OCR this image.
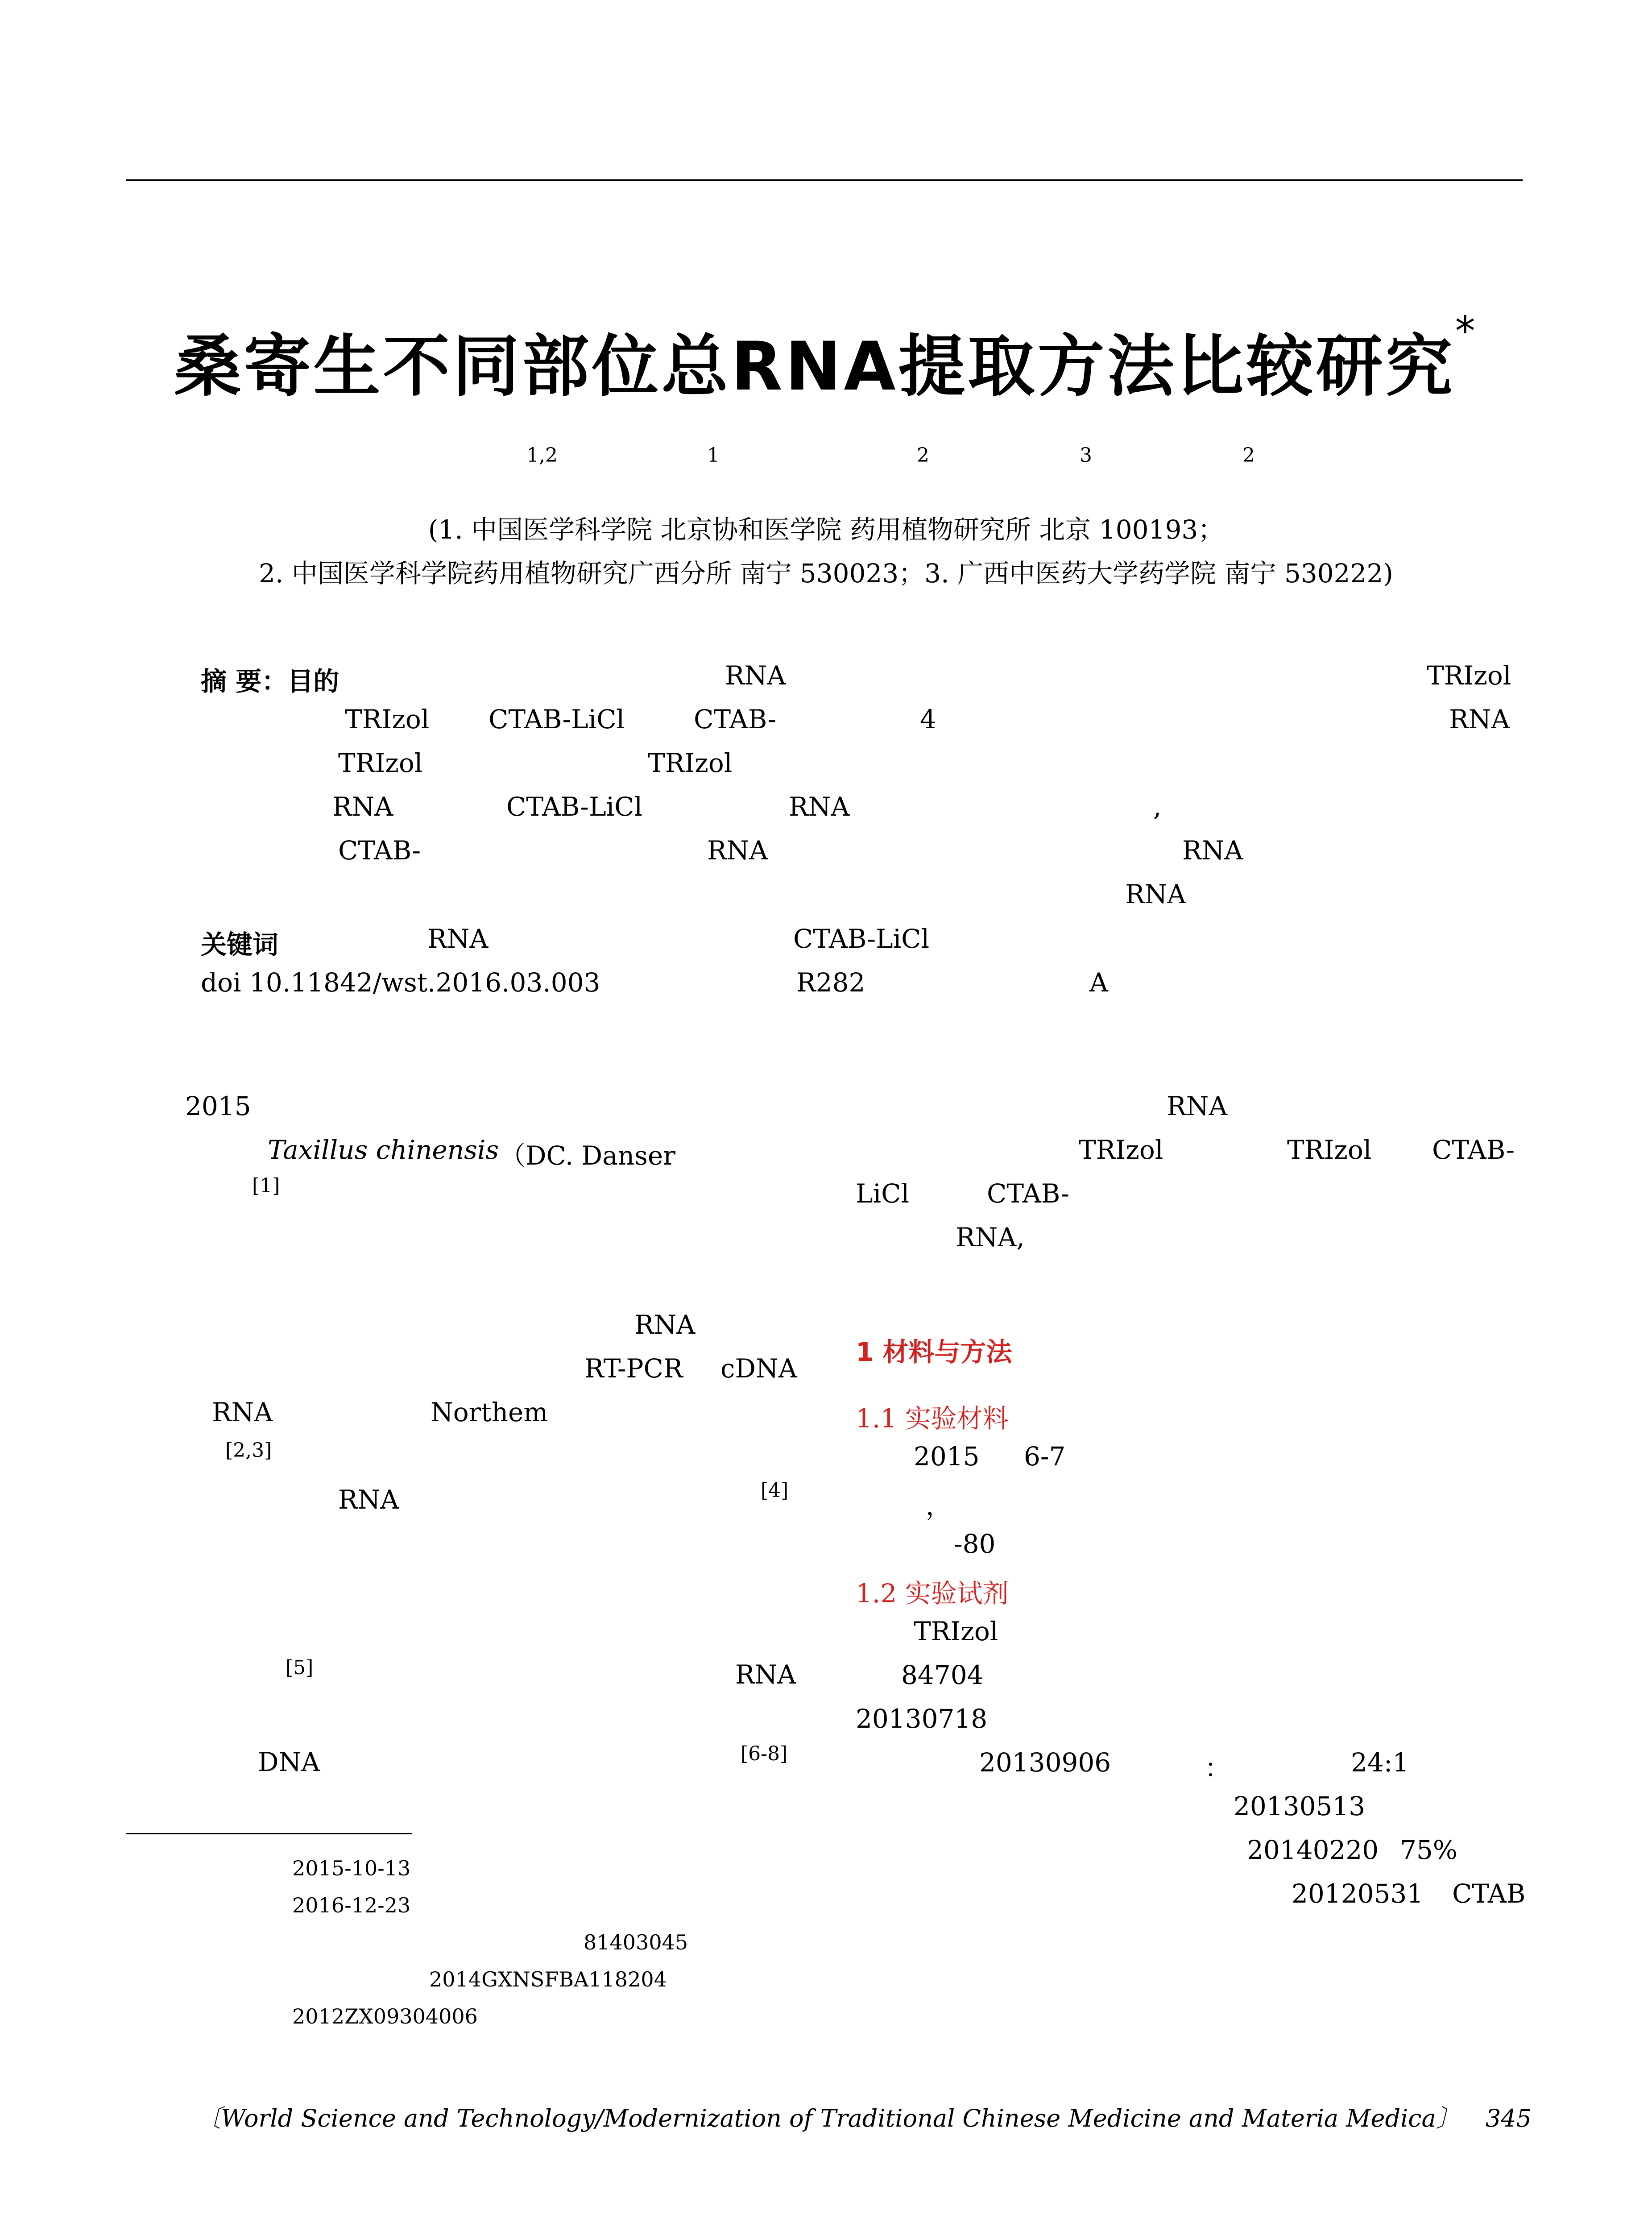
桑寄生不同部位总RNA提取方法比较研究*
1,2	1	2	3	2
(1. 中国医学科学院 北京协和医学院 药用植物研究所 北京 100193；
2. 中国医学科学院药用植物研究广西分所 南宁 530023；3. 广西中医药大学药学院 南宁 530222)
摘 要：目的	RNA	TRIzol
TRIzol CTAB-LiCl	CTAB-	4	RNA
TRIzol	TRIzol
RNA	CTAB-LiCl	RNA	,
CTAB-	RNA	RNA
RNA
关键词	RNA	CTAB-LiCl
doi 10.11842/wst.2016.03.003	R282	A
2015
Taxillus chinensis （DC. Danser
[1]
RNA
RT-PCR cDNA
RNA	Northem
[2,3]
RNA	[4]
[5]	RNA
DNA	[6-8]
2015-10-13
2016-12-23
81403045
2014GXNSFBA118204
2012ZX09304006
RNA
TRIzol	TRIzol CTAB-
LiCl	CTAB-
RNA,
1 材料与方法
1.1 实验材料
2015 6-7
，
-80
1.2 实验试剂
TRIzol
84704
20130718
20130906	：	24:1
20130513
20140220 75%
20120531 CTAB
〔World Science and Technology/Modernization of Traditional Chinese Medicine and Materia Medica〕 345
